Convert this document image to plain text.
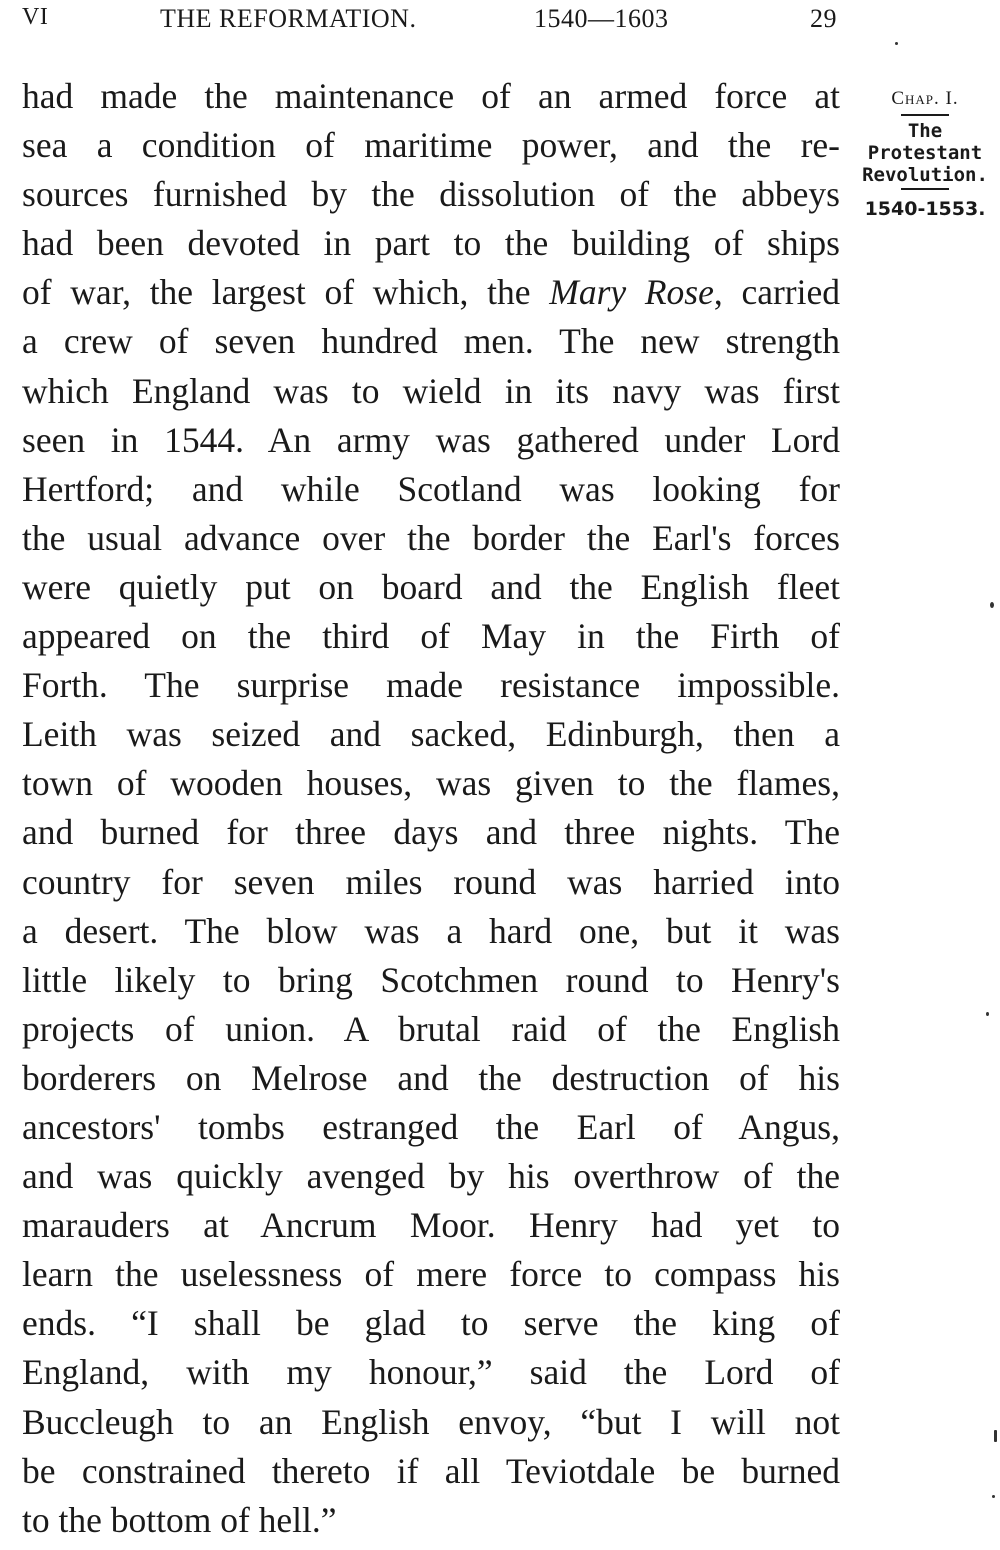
VI	THE REFORMATION.	1540—1603	29
had made the maintenance of an armed force at
sea a condition of maritime power, and the re-
sources furnished by the dissolution of the abbeys
had been devoted in part to the building of ships
of war, the largest of which, the Mary Rose, carried
a crew of seven hundred men. The new strength
which England was to wield in its navy was first
seen in 1544. An army was gathered under Lord
Hertford; and while Scotland was looking for
the usual advance over the border the Earl's forces
were quietly put on board and the English fleet
appeared on the third of May in the Firth of
Forth. The surprise made resistance impossible.
Leith was seized and sacked, Edinburgh, then a
town of wooden houses, was given to the flames,
and burned for three days and three nights. The
country for seven miles round was harried into
a desert. The blow was a hard one, but it was
little likely to bring Scotchmen round to Henry's
projects of union. A brutal raid of the English
borderers on Melrose and the destruction of his
ancestors' tombs estranged the Earl of Angus,
and was quickly avenged by his overthrow of the
marauders at Ancrum Moor. Henry had yet to
learn the uselessness of mere force to compass his
ends. “I shall be glad to serve the king of
England, with my honour,” said the Lord of
Buccleugh to an English envoy, “but I will not
be constrained thereto if all Teviotdale be burned
to the bottom of hell.”
Chap. I.
The
Protestant
Revolution.
1540-1553.
